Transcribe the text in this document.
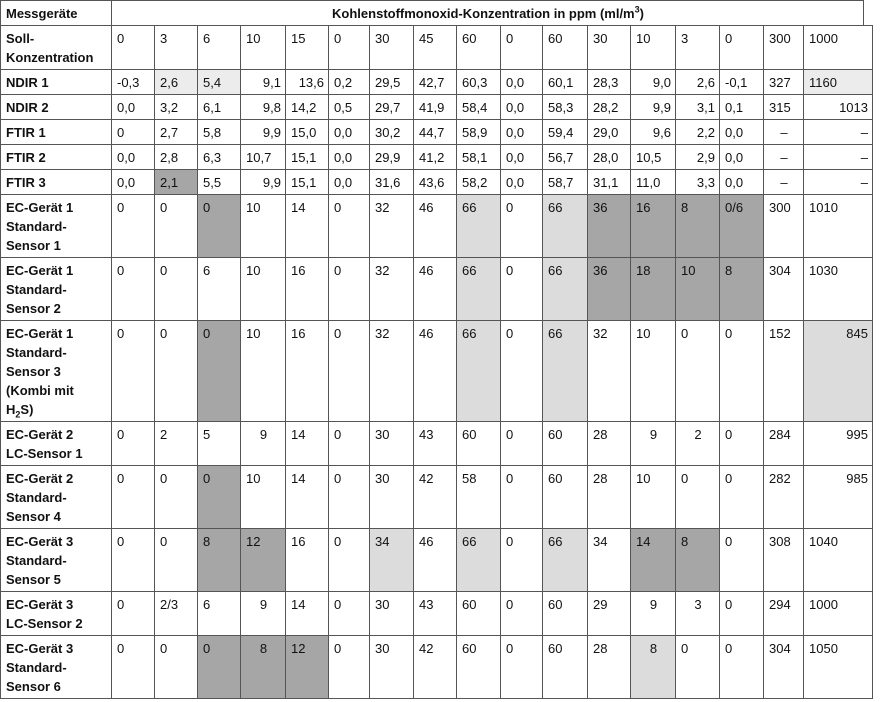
Messgeräte	Kohlenstoffmonoxid-Konzentration in ppm $(ml/m^3)$																
Soll-
Konzentration	0	3	6	10	15	0	30	45	60	0	60	30	10	3	0	300	1000
NDIR 1	-0,3	2,6	5,4	9,1	13,6	0,2	29,5	42,7	60,3	0,0	60,1	28,3	9,0	2,6	-0,1	327	1160
NDIR 2	0,0	3,2	6,1	9,8	14,2	0,5	29,7	41,9	58,4	0,0	58,3	28,2	9,9	3,1	0,1	315	1013
FTIR 1	0	2,7	5,8	9,9	15,0	0,0	30,2	44,7	58,9	0,0	59,4	29,0	9,6	2,2	0,0	–	–
FTIR 2	0,0	2,8	6,3	10,7	15,1	0,0	29,9	41,2	58,1	0,0	56,7	28,0	10,5	2,9	0,0	–	–
FTIR 3	0,0	2,1	5,5	9,9	15,1	0,0	31,6	43,6	58,2	0,0	58,7	31,1	11,0	3,3	0,0	–	–
EC-Gerät 1
Standard-
Sensor 1	0	0	0	10	14	0	32	46	66	0	66	36	16	8	0/6	300	1010
EC-Gerät 1
Standard-
Sensor 2	0	0	6	10	16	0	32	46	66	0	66	36	18	10	8	304	1030
EC-Gerät 1
Standard-
Sensor 3
(Kombi mit
$H_2S$)	0	0	0	10	16	0	32	46	66	0	66	32	10	0	0	152	845
EC-Gerät 2
LC-Sensor 1	0	2	5	9	14	0	30	43	60	0	60	28	9	2	0	284	995
EC-Gerät 2
Standard-
Sensor 4	0	0	0	10	14	0	30	42	58	0	60	28	10	0	0	282	985
EC-Gerät 3
Standard-
Sensor 5	0	0	8	12	16	0	34	46	66	0	66	34	14	8	0	308	1040
EC-Gerät 3
LC-Sensor 2	0	2/3	6	9	14	0	30	43	60	0	60	29	9	3	0	294	1000
EC-Gerät 3
Standard-
Sensor 6	0	0	0	8	12	0	30	42	60	0	60	28	8	0	0	304	1050
